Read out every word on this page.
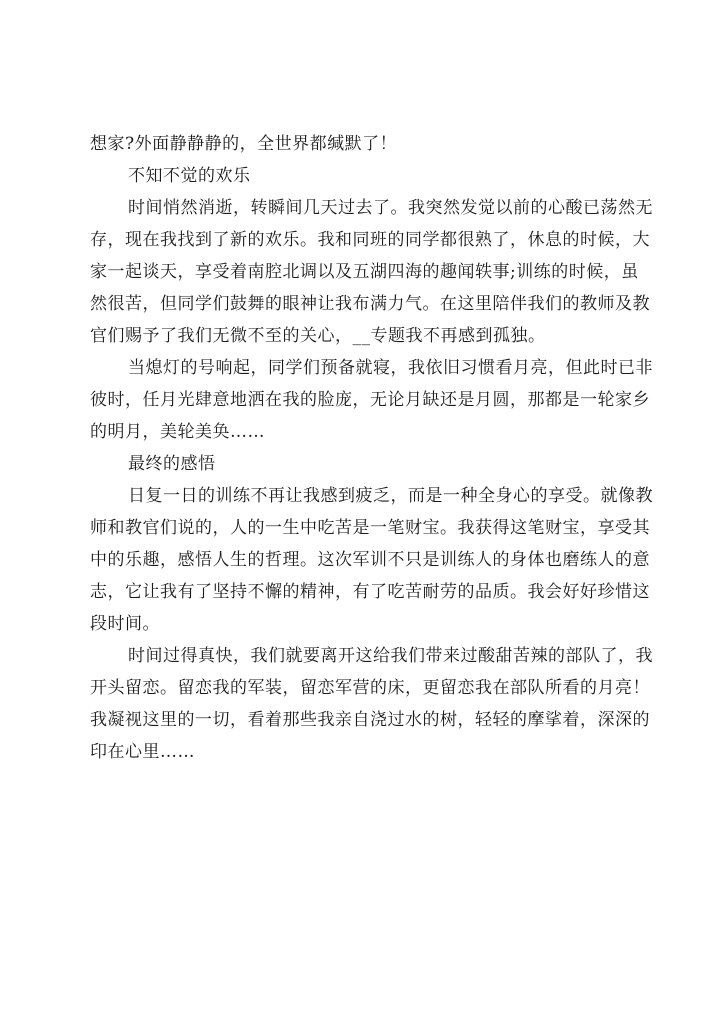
想家?外面静静静的，全世界都缄默了！
不知不觉的欢乐
时间悄然消逝，转瞬间几天过去了。我突然发觉以前的心酸已荡然无
存，现在我找到了新的欢乐。我和同班的同学都很熟了，休息的时候，大
家一起谈天，享受着南腔北调以及五湖四海的趣闻轶事;训练的时候，虽
然很苦，但同学们鼓舞的眼神让我布满力气。在这里陪伴我们的教师及教
官们赐予了我们无微不至的关心，__专题我不再感到孤独。
当熄灯的号响起，同学们预备就寝，我依旧习惯看月亮，但此时已非
彼时，任月光肆意地洒在我的脸庞，无论月缺还是月圆，那都是一轮家乡
的明月，美轮美奂……
最终的感悟
日复一日的训练不再让我感到疲乏，而是一种全身心的享受。就像教
师和教官们说的，人的一生中吃苦是一笔财宝。我获得这笔财宝，享受其
中的乐趣，感悟人生的哲理。这次军训不只是训练人的身体也磨练人的意
志，它让我有了坚持不懈的精神，有了吃苦耐劳的品质。我会好好珍惜这
段时间。
时间过得真快，我们就要离开这给我们带来过酸甜苦辣的部队了，我
开头留恋。留恋我的军装，留恋军营的床，更留恋我在部队所看的月亮！
我凝视这里的一切，看着那些我亲自浇过水的树，轻轻的摩挲着，深深的
印在心里……
